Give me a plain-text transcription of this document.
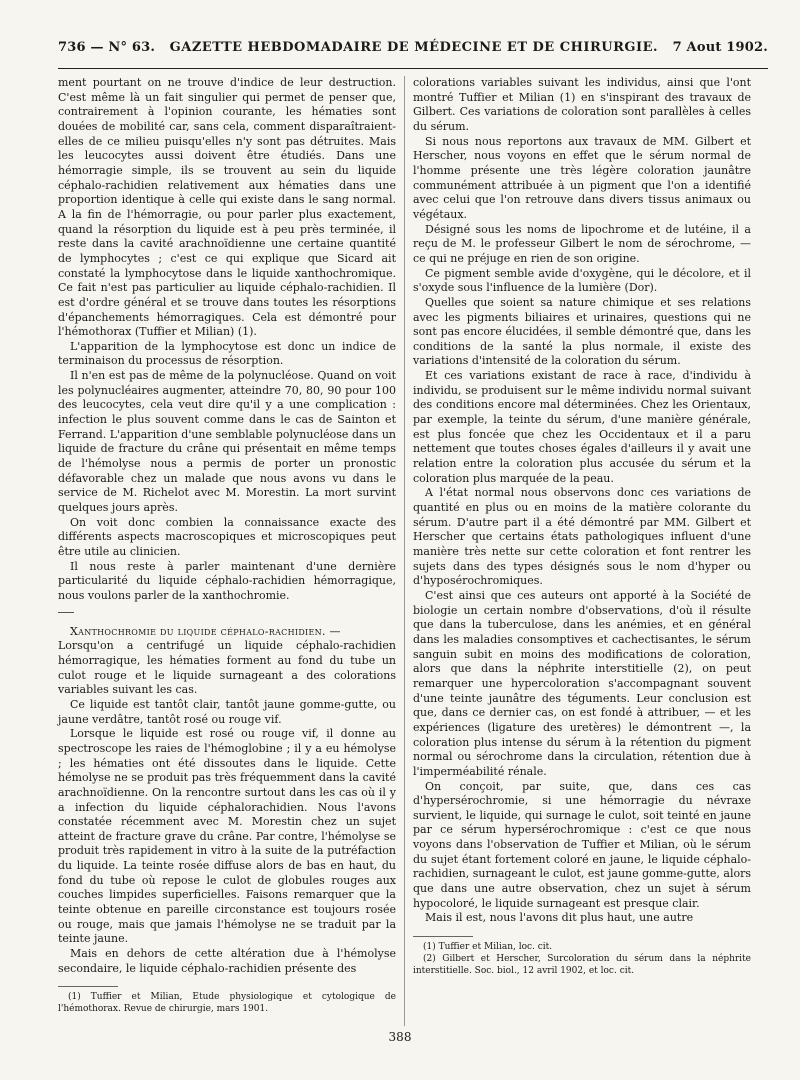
736 — N° 63. GAZETTE HEBDOMADAIRE DE MÉDECINE ET DE CHIRURGIE. 7 Aout 1902.

ment pourtant on ne trouve d'indice de leur destruction. C'est même là un fait singulier qui permet de penser que, contrairement à l'opinion courante, les hématies sont douées de mobilité car, sans cela, comment disparaîtraient-elles de ce milieu puisqu'elles n'y sont pas détruites. Mais les leucocytes aussi doivent être étudiés. Dans une hémorragie simple, ils se trouvent au sein du liquide céphalo-rachidien relativement aux hématies dans une proportion identique à celle qui existe dans le sang normal. A la fin de l'hémorragie, ou pour parler plus exactement, quand la résorption du liquide est à peu près terminée, il reste dans la cavité arachnoïdienne une certaine quantité de lymphocytes ; c'est ce qui explique que Sicard ait constaté la lymphocytose dans le liquide xanthochromique. Ce fait n'est pas particulier au liquide céphalo-rachidien. Il est d'ordre général et se trouve dans toutes les résorptions d'épanchements hémorragiques. Cela est démontré pour l'hémothorax (Tuffier et Milian) (1).

L'apparition de la lymphocytose est donc un indice de terminaison du processus de résorption.

Il n'en est pas de même de la polynucléose. Quand on voit les polynucléaires augmenter, atteindre 70, 80, 90 pour 100 des leucocytes, cela veut dire qu'il y a une complication : infection le plus souvent comme dans le cas de Sainton et Ferrand. L'apparition d'une semblable polynucléose dans un liquide de fracture du crâne qui présentait en même temps de l'hémolyse nous a permis de porter un pronostic défavorable chez un malade que nous avons vu dans le service de M. Richelot avec M. Morestin. La mort survint quelques jours après.

On voit donc combien la connaissance exacte des différents aspects macroscopiques et microscopiques peut être utile au clinicien.

Il nous reste à parler maintenant d'une dernière particularité du liquide céphalo-rachidien hémorragique, nous voulons parler de la xanthochromie.

Xanthochromie du liquide céphalo-rachidien. —

Lorsqu'on a centrifugé un liquide céphalo-rachidien hémorragique, les hématies forment au fond du tube un culot rouge et le liquide surnageant a des colorations variables suivant les cas.

Ce liquide est tantôt clair, tantôt jaune gomme-gutte, ou jaune verdâtre, tantôt rosé ou rouge vif.

Lorsque le liquide est rosé ou rouge vif, il donne au spectroscope les raies de l'hémoglobine ; il y a eu hémolyse ; les hématies ont été dissoutes dans le liquide. Cette hémolyse ne se produit pas très fréquemment dans la cavité arachnoïdienne. On la rencontre surtout dans les cas où il y a infection du liquide céphalorachidien. Nous l'avons constatée récemment avec M. Morestin chez un sujet atteint de fracture grave du crâne. Par contre, l'hémolyse se produit très rapidement in vitro à la suite de la putréfaction du liquide. La teinte rosée diffuse alors de bas en haut, du fond du tube où repose le culot de globules rouges aux couches limpides superficielles. Faisons remarquer que la teinte obtenue en pareille circonstance est toujours rosée ou rouge, mais que jamais l'hémolyse ne se traduit par la teinte jaune.

Mais en dehors de cette altération due à l'hémolyse secondaire, le liquide céphalo-rachidien présente des

(1) Tuffier et Milian, Etude physiologique et cytologique de l'hémothorax. Revue de chirurgie, mars 1901.

colorations variables suivant les individus, ainsi que l'ont montré Tuffier et Milian (1) en s'inspirant des travaux de Gilbert. Ces variations de coloration sont parallèles à celles du sérum.

Si nous nous reportons aux travaux de MM. Gilbert et Herscher, nous voyons en effet que le sérum normal de l'homme présente une très légère coloration jaunâtre communément attribuée à un pigment que l'on a identifié avec celui que l'on retrouve dans divers tissus animaux ou végétaux.

Désigné sous les noms de lipochrome et de lutéine, il a reçu de M. le professeur Gilbert le nom de sérochrome, — ce qui ne préjuge en rien de son origine.

Ce pigment semble avide d'oxygène, qui le décolore, et il s'oxyde sous l'influence de la lumière (Dor).

Quelles que soient sa nature chimique et ses relations avec les pigments biliaires et urinaires, questions qui ne sont pas encore élucidées, il semble démontré que, dans les conditions de la santé la plus normale, il existe des variations d'intensité de la coloration du sérum.

Et ces variations existant de race à race, d'individu à individu, se produisent sur le même individu normal suivant des conditions encore mal déterminées. Chez les Orientaux, par exemple, la teinte du sérum, d'une manière générale, est plus foncée que chez les Occidentaux et il a paru nettement que toutes choses égales d'ailleurs il y avait une relation entre la coloration plus accusée du sérum et la coloration plus marquée de la peau.

A l'état normal nous observons donc ces variations de quantité en plus ou en moins de la matière colorante du sérum. D'autre part il a été démontré par MM. Gilbert et Herscher que certains états pathologiques influent d'une manière très nette sur cette coloration et font rentrer les sujets dans des types désignés sous le nom d'hyper ou d'hyposérochromiques.

C'est ainsi que ces auteurs ont apporté à la Société de biologie un certain nombre d'observations, d'où il résulte que dans la tuberculose, dans les anémies, et en général dans les maladies consomptives et cachectisantes, le sérum sanguin subit en moins des modifications de coloration, alors que dans la néphrite interstitielle (2), on peut remarquer une hypercoloration s'accompagnant souvent d'une teinte jaunâtre des téguments. Leur conclusion est que, dans ce dernier cas, on est fondé à attribuer, — et les expériences (ligature des uretères) le démontrent —, la coloration plus intense du sérum à la rétention du pigment normal ou sérochrome dans la circulation, rétention due à l'imperméabilité rénale.

On conçoit, par suite, que, dans ces cas d'hypersérochromie, si une hémorragie du névraxe survient, le liquide, qui surnage le culot, soit teinté en jaune par ce sérum hypersérochromique : c'est ce que nous voyons dans l'observation de Tuffier et Milian, où le sérum du sujet étant fortement coloré en jaune, le liquide céphalo-rachidien, surnageant le culot, est jaune gomme-gutte, alors que dans une autre observation, chez un sujet à sérum hypocoloré, le liquide surnageant est presque clair.

Mais il est, nous l'avons dit plus haut, une autre

(1) Tuffier et Milian, loc. cit.

(2) Gilbert et Herscher, Surcoloration du sérum dans la néphrite interstitielle. Soc. biol., 12 avril 1902, et loc. cit.

388
